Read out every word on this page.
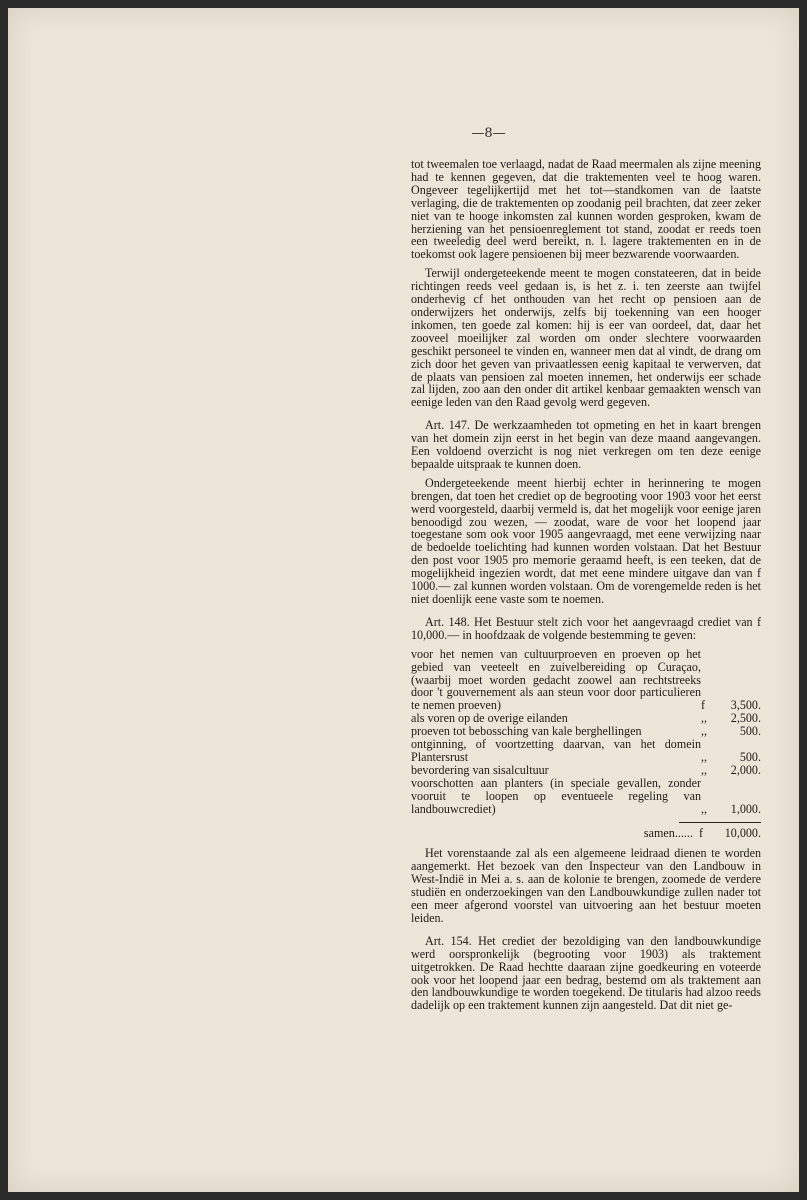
—8—

tot tweemalen toe verlaagd, nadat de Raad meermalen als zijne meening had te kennen gegeven, dat die traktementen veel te hoog waren. Ongeveer tegelijkertijd met het tot—standkomen van de laatste verlaging, die de traktementen op zoodanig peil brachten, dat zeer zeker niet van te hooge inkomsten zal kunnen worden gesproken, kwam de herziening van het pensioenreglement tot stand, zoodat er reeds toen een tweeledig deel werd bereikt, n. l. lagere traktementen en in de toekomst ook lagere pensioenen bij meer bezwarende voorwaarden.

Terwijl ondergeteekende meent te mogen constateeren, dat in beide richtingen reeds veel gedaan is, is het z. i. ten zeerste aan twijfel onderhevig cf het onthouden van het recht op pensioen aan de onderwijzers het onderwijs, zelfs bij toekenning van een hooger inkomen, ten goede zal komen: hij is eer van oordeel, dat, daar het zooveel moeilijker zal worden om onder slechtere voorwaarden geschikt personeel te vinden en, wanneer men dat al vindt, de drang om zich door het geven van privaatlessen eenig kapitaal te verwerven, dat de plaats van pensioen zal moeten innemen, het onderwijs eer schade zal lijden, zoo aan den onder dit artikel kenbaar gemaakten wensch van eenige leden van den Raad gevolg werd gegeven.

Art. 147. De werkzaamheden tot opmeting en het in kaart brengen van het domein zijn eerst in het begin van deze maand aangevangen. Een voldoend overzicht is nog niet verkregen om ten deze eenige bepaalde uitspraak te kunnen doen.

Ondergeteekende meent hierbij echter in herinnering te mogen brengen, dat toen het crediet op de begrooting voor 1903 voor het eerst werd voorgesteld, daarbij vermeld is, dat het mogelijk voor eenige jaren benoodigd zou wezen, — zoodat, ware de voor het loopend jaar toegestane som ook voor 1905 aangevraagd, met eene verwijzing naar de bedoelde toelichting had kunnen worden volstaan. Dat het Bestuur den post voor 1905 pro memorie geraamd heeft, is een teeken, dat de mogelijkheid ingezien wordt, dat met eene mindere uitgave dan van f 1000.— zal kunnen worden volstaan. Om de vorengemelde reden is het niet doenlijk eene vaste som te noemen.

Art. 148. Het Bestuur stelt zich voor het aangevraagd crediet van f 10,000.— in hoofdzaak de volgende bestemming te geven:

voor het nemen van cultuurproeven en proeven op het gebied van veeteelt en zuivelbereiding op Curaçao, (waarbij moet worden gedacht zoowel aan rechtstreeks door 't gouvernement als aan steun voor door particulieren te nemen proeven)	f	3,500.
als voren op de overige eilanden	,,	2,500.
proeven tot bebossching van kale berghellingen	,,	500.
ontginning, of voortzetting daarvan, van het domein Plantersrust	,,	500.
bevordering van sisalcultuur	,,	2,000.
voorschotten aan planters (in speciale gevallen, zonder vooruit te loopen op eventueele regeling van landbouwcrediet)	,,	1,000.
samen...... f	10,000.

Het vorenstaande zal als een algemeene leidraad dienen te worden aangemerkt. Het bezoek van den Inspecteur van den Landbouw in West-Indië in Mei a. s. aan de kolonie te brengen, zoomede de verdere studiën en onderzoekingen van den Landbouwkundige zullen nader tot een meer afgerond voorstel van uitvoering aan het bestuur moeten leiden.

Art. 154. Het crediet der bezoldiging van den landbouwkundige werd oorspronkelijk (begrooting voor 1903) als traktement uitgetrokken. De Raad hechtte daaraan zijne goedkeuring en voteerde ook voor het loopend jaar een bedrag, bestemd om als traktement aan den landbouwkundige te worden toegekend. De titularis had alzoo reeds dadelijk op een traktement kunnen zijn aangesteld. Dat dit niet ge-
